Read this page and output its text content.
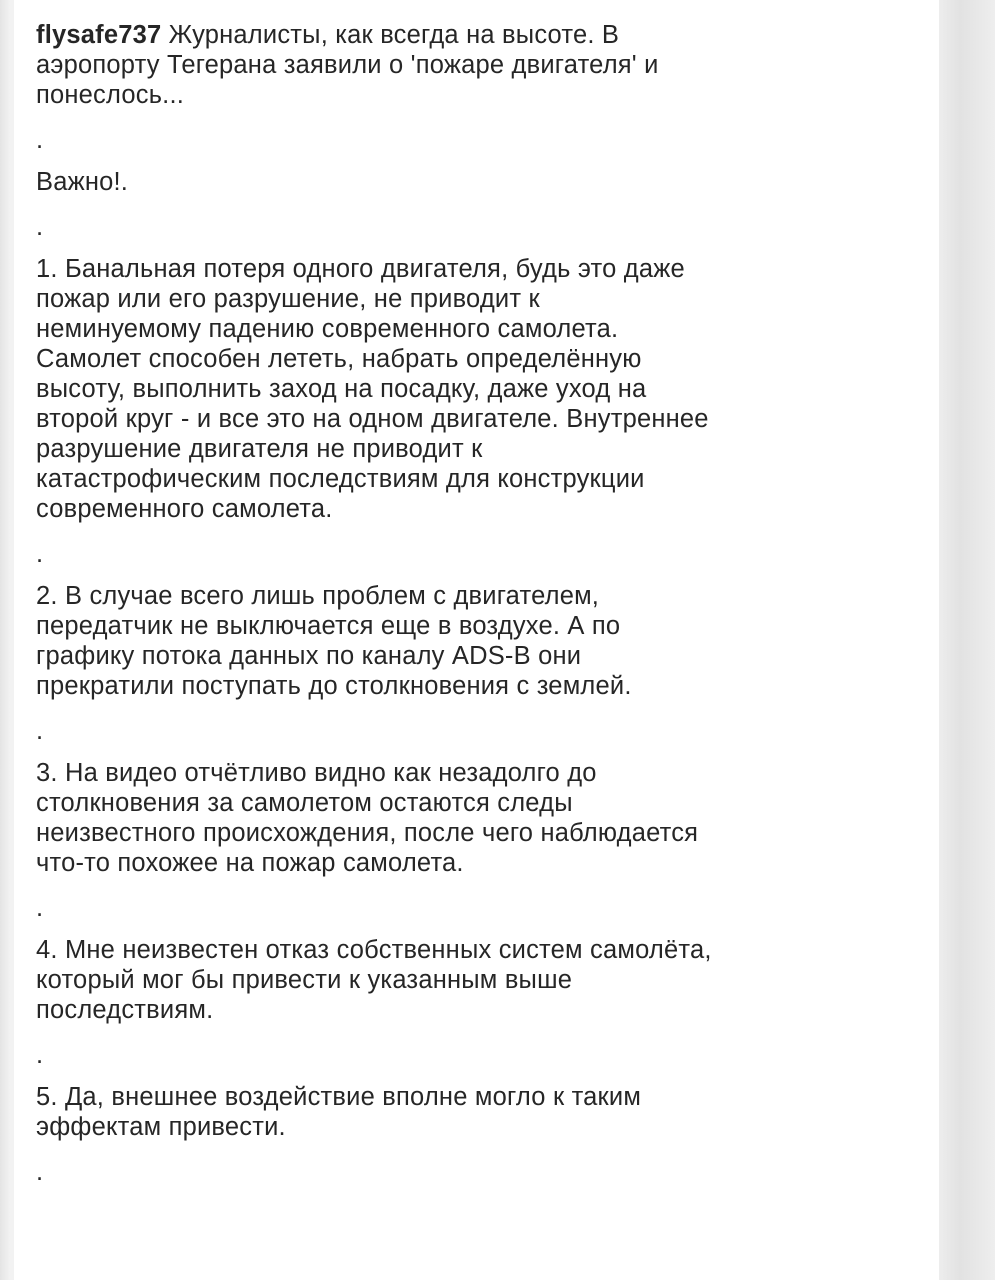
flysafe737 Журналисты, как всегда на высоте. В
аэропорту Тегерана заявили о 'пожаре двигателя' и
понеслось...

.

Важно!.

.

1. Банальная потеря одного двигателя, будь это даже
пожар или его разрушение, не приводит к
неминуемому падению современного самолета.
Самолет способен лететь, набрать определённую
высоту, выполнить заход на посадку, даже уход на
второй круг - и все это на одном двигателе. Внутреннее
разрушение двигателя не приводит к
катастрофическим последствиям для конструкции
современного самолета.

.

2. В случае всего лишь проблем с двигателем,
передатчик не выключается еще в воздухе. А по
графику потока данных по каналу ADS-B они
прекратили поступать до столкновения с землей.

.

3. На видео отчётливо видно как незадолго до
столкновения за самолетом остаются следы
неизвестного происхождения, после чего наблюдается
что-то похожее на пожар самолета.

.

4. Мне неизвестен отказ собственных систем самолёта,
который мог бы привести к указанным выше
последствиям.

.

5. Да, внешнее воздействие вполне могло к таким
эффектам привести.

.
